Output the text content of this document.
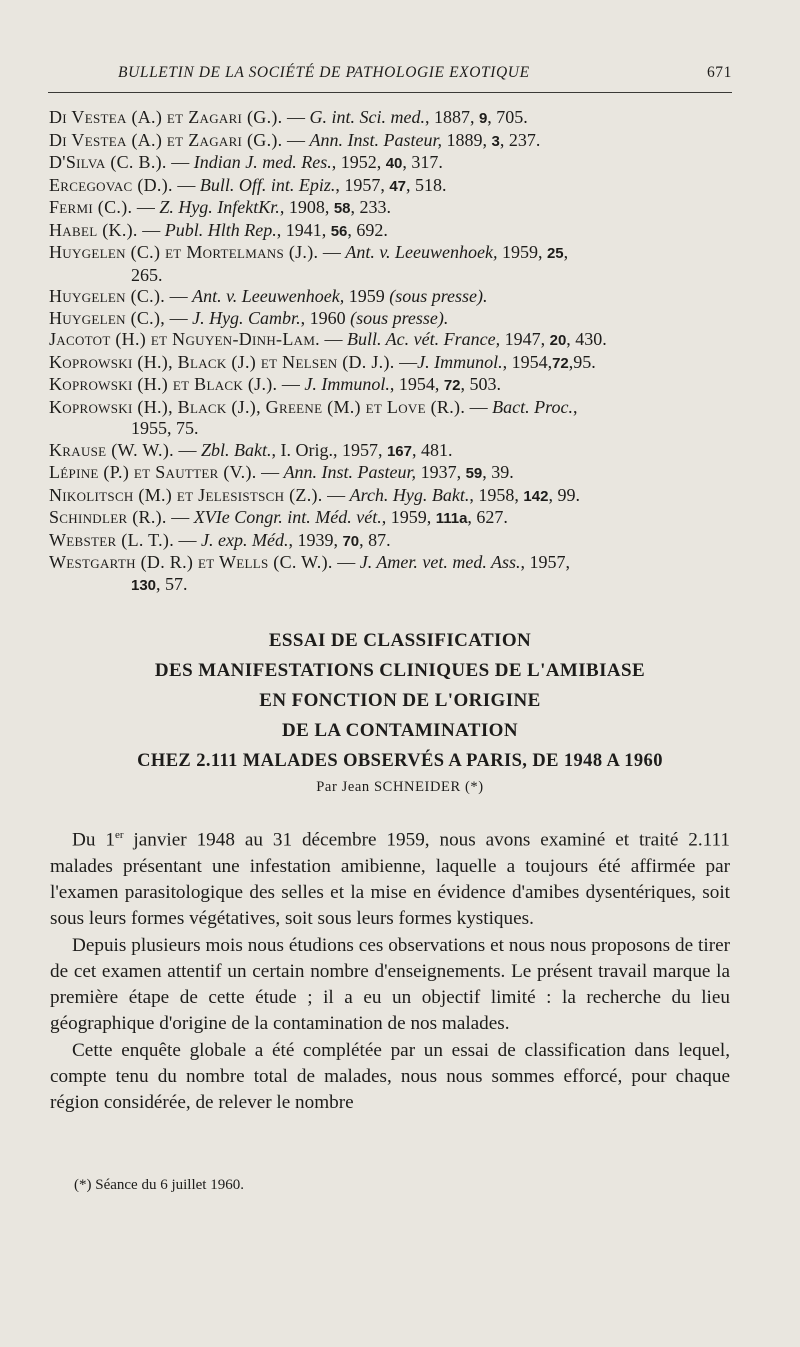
BULLETIN DE LA SOCIÉTÉ DE PATHOLOGIE EXOTIQUE	671
Di Vestea (A.) et Zagari (G.). — G. int. Sci. med., 1887, 9, 705.
Di Vestea (A.) et Zagari (G.). — Ann. Inst. Pasteur, 1889, 3, 237.
D'Silva (C. B.). — Indian J. med. Res., 1952, 40, 317.
Ercegovac (D.). — Bull. Off. int. Epiz., 1957, 47, 518.
Fermi (C.). — Z. Hyg. InfektKr., 1908, 58, 233.
Habel (K.). — Publ. Hlth Rep., 1941, 56, 692.
Huygelen (C.) et Mortelmans (J.). — Ant. v. Leeuwenhoek, 1959, 25,
265.
Huygelen (C.). — Ant. v. Leeuwenhoek, 1959 (sous presse).
Huygelen (C.), — J. Hyg. Cambr., 1960 (sous presse).
Jacotot (H.) et Nguyen-Dinh-Lam. — Bull. Ac. vét. France, 1947, 20, 430.
Koprowski (H.), Black (J.) et Nelsen (D. J.). —J. Immunol., 1954,72,95.
Koprowski (H.) et Black (J.). — J. Immunol., 1954, 72, 503.
Koprowski (H.), Black (J.), Greene (M.) et Love (R.). — Bact. Proc.,
1955, 75.
Krause (W. W.). — Zbl. Bakt., I. Orig., 1957, 167, 481.
Lépine (P.) et Sautter (V.). — Ann. Inst. Pasteur, 1937, 59, 39.
Nikolitsch (M.) et Jelesistsch (Z.). — Arch. Hyg. Bakt., 1958, 142, 99.
Schindler (R.). — XVIe Congr. int. Méd. vét., 1959, 111a, 627.
Webster (L. T.). — J. exp. Méd., 1939, 70, 87.
Westgarth (D. R.) et Wells (C. W.). — J. Amer. vet. med. Ass., 1957,
130, 57.
ESSAI DE CLASSIFICATION
DES MANIFESTATIONS CLINIQUES DE L'AMIBIASE
EN FONCTION DE L'ORIGINE
DE LA CONTAMINATION
CHEZ 2.111 MALADES OBSERVÉS A PARIS, DE 1948 A 1960
Par Jean SCHNEIDER (*)

Du 1er janvier 1948 au 31 décembre 1959, nous avons examiné et traité 2.111 malades présentant une infestation amibienne, laquelle a toujours été affirmée par l'examen parasitologique des selles et la mise en évidence d'amibes dysentériques, soit sous leurs formes végétatives, soit sous leurs formes kystiques.

Depuis plusieurs mois nous étudions ces observations et nous nous proposons de tirer de cet examen attentif un certain nombre d'enseignements. Le présent travail marque la première étape de cette étude ; il a eu un objectif limité : la recherche du lieu géographique d'origine de la contamination de nos malades.

Cette enquête globale a été complétée par un essai de classification dans lequel, compte tenu du nombre total de malades, nous nous sommes efforcé, pour chaque région considérée, de relever le nombre

(*) Séance du 6 juillet 1960.
